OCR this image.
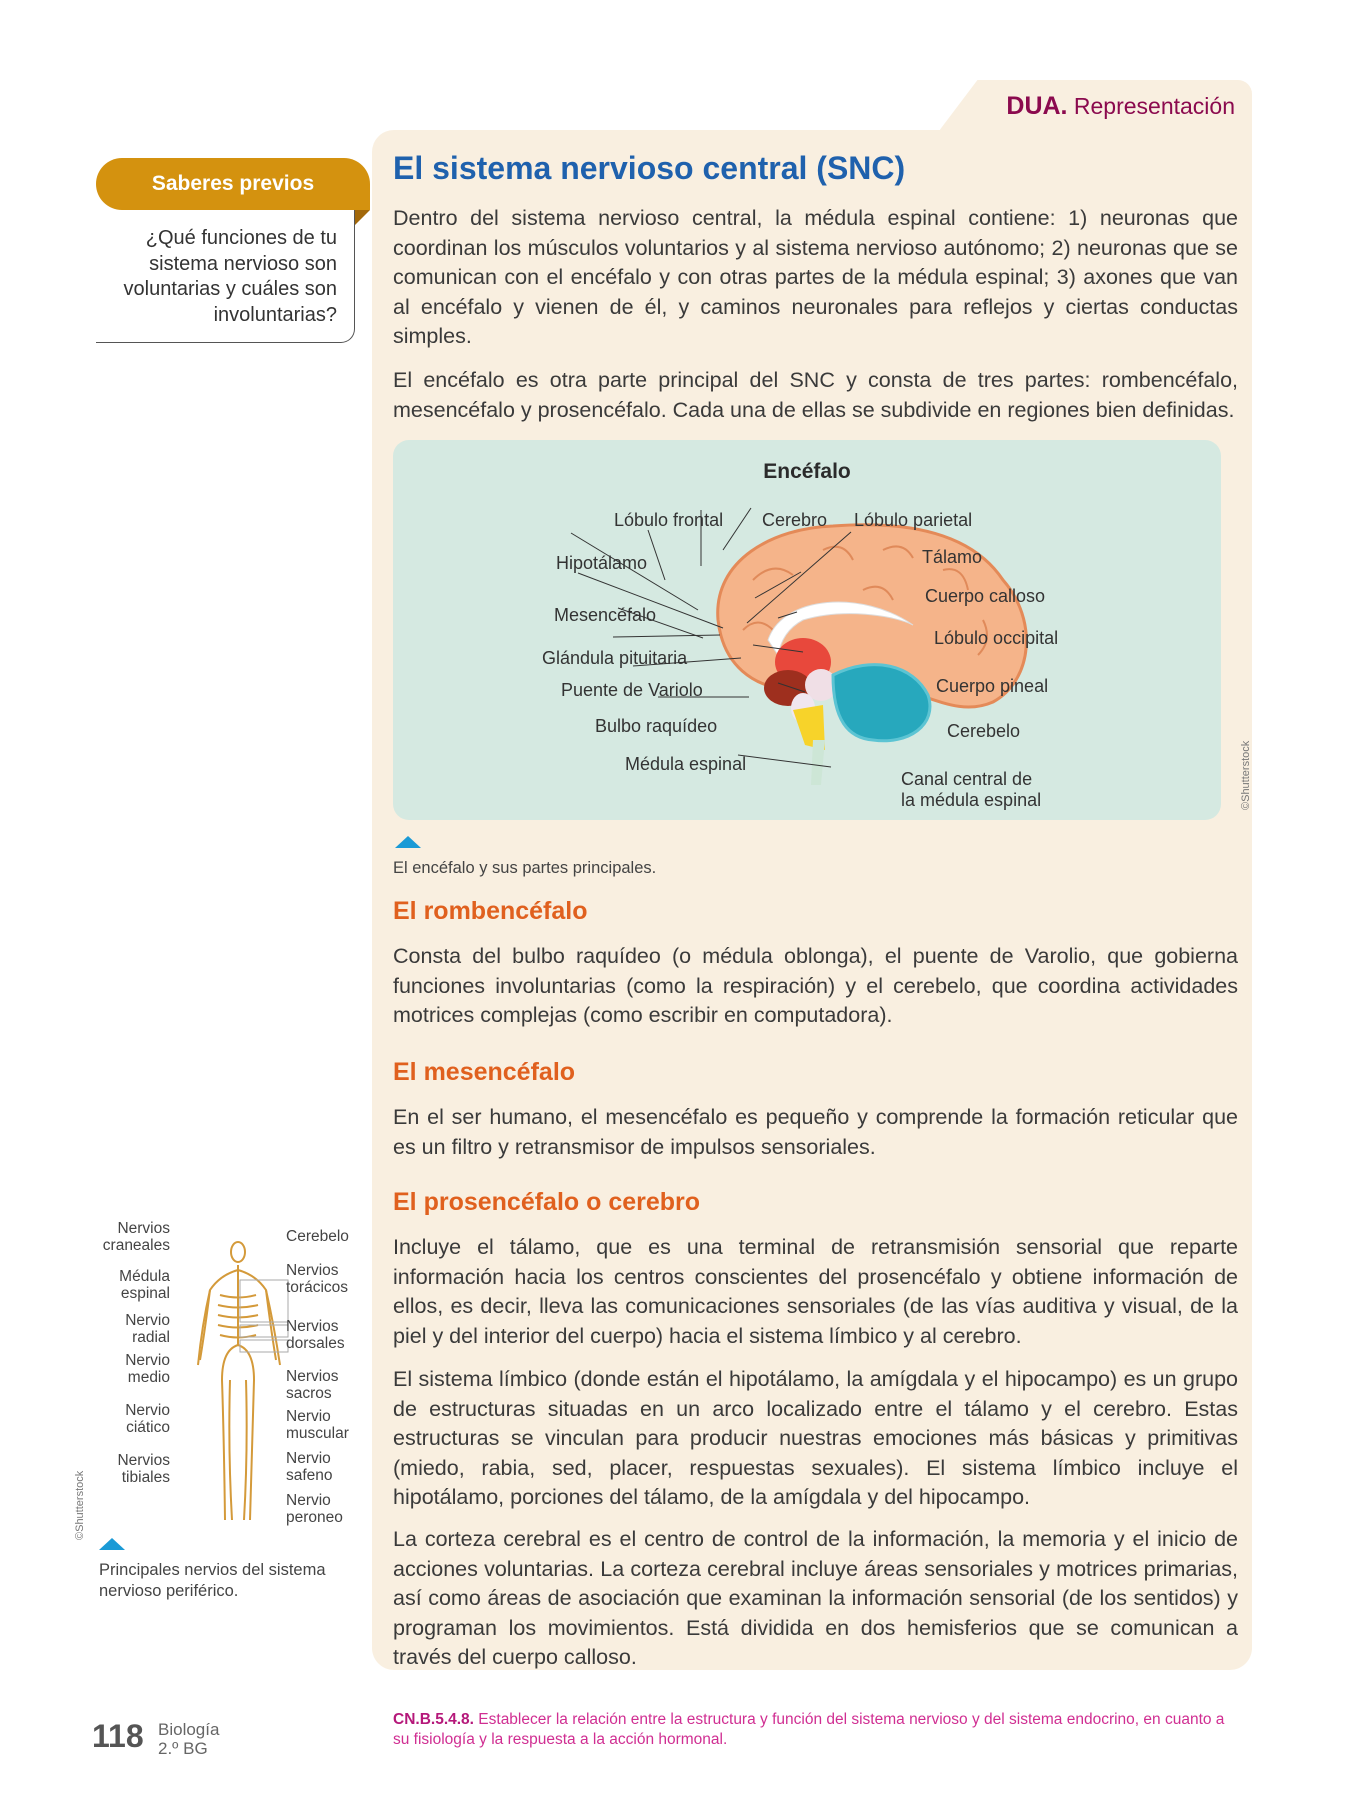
DUA. Representación
Saberes previos
¿Qué funciones de tu sistema nervioso son voluntarias y cuáles son involuntarias?
El sistema nervioso central (SNC)
Dentro del sistema nervioso central, la médula espinal contiene: 1) neuronas que coordinan los músculos voluntarios y al sistema nervioso autónomo; 2) neuronas que se comunican con el encéfalo y con otras partes de la médula espinal; 3) axones que van al encéfalo y vienen de él, y caminos neuronales para reflejos y ciertas conductas simples.
El encéfalo es otra parte principal del SNC y consta de tres partes: rombencéfalo, mesencéfalo y prosencéfalo. Cada una de ellas se subdivide en regiones bien definidas.
Encéfalo
Lóbulo frontal
Hipotálamo
Mesencéfalo
Glándula pituitaria
Puente de Variolo
Bulbo raquídeo
Médula espinal
Cerebro Lóbulo parietal
Tálamo
Cuerpo calloso
Lóbulo occipital
Cuerpo pineal
Cerebelo
Canal central de
la médula espinal	©Shutterstock
El encéfalo y sus partes principales.
El rombencéfalo
Consta del bulbo raquídeo (o médula oblonga), el puente de Varolio, que gobierna funciones involuntarias (como la respiración) y el cerebelo, que coordina actividades motrices complejas (como escribir en computadora).
El mesencéfalo
En el ser humano, el mesencéfalo es pequeño y comprende la formación reticular que es un filtro y retransmisor de impulsos sensoriales.
El prosencéfalo o cerebro
Incluye el tálamo, que es una terminal de retransmisión sensorial que reparte información hacia los centros conscientes del prosencéfalo y obtiene información de ellos, es decir, lleva las comunicaciones sensoriales (de las vías auditiva y visual, de la piel y del interior del cuerpo) hacia el sistema límbico y al cerebro.
El sistema límbico (donde están el hipotálamo, la amígdala y el hipocampo) es un grupo de estructuras situadas en un arco localizado entre el tálamo y el cerebro. Estas estructuras se vinculan para producir nuestras emociones más básicas y primitivas (miedo, rabia, sed, placer, respuestas sexuales). El sistema límbico incluye el hipotálamo, porciones del tálamo, de la amígdala y del hipocampo.
La corteza cerebral es el centro de control de la información, la memoria y el inicio de acciones voluntarias. La corteza cerebral incluye áreas sensoriales y motrices primarias, así como áreas de asociación que examinan la información sensorial (de los sentidos) y programan los movimientos. Está dividida en dos hemisferios que se comunican a través del cuerpo calloso.
Nervios
craneales
Médula
espinal
Nervio
radial
Nervio
medio
Nervio
ciático
Nervios
tibiales
Cerebelo
Nervios
torácicos
Nervios
dorsales
Nervios
sacros
Nervio
muscular
Nervio
safeno
Nervio
peroneo
©Shutterstock
Principales nervios del sistema nervioso periférico.
118 Biología
2.º BG
CN.B.5.4.8. Establecer la relación entre la estructura y función del sistema nervioso y del sistema endocrino, en cuanto a su fisiología y la respuesta a la acción hormonal.
